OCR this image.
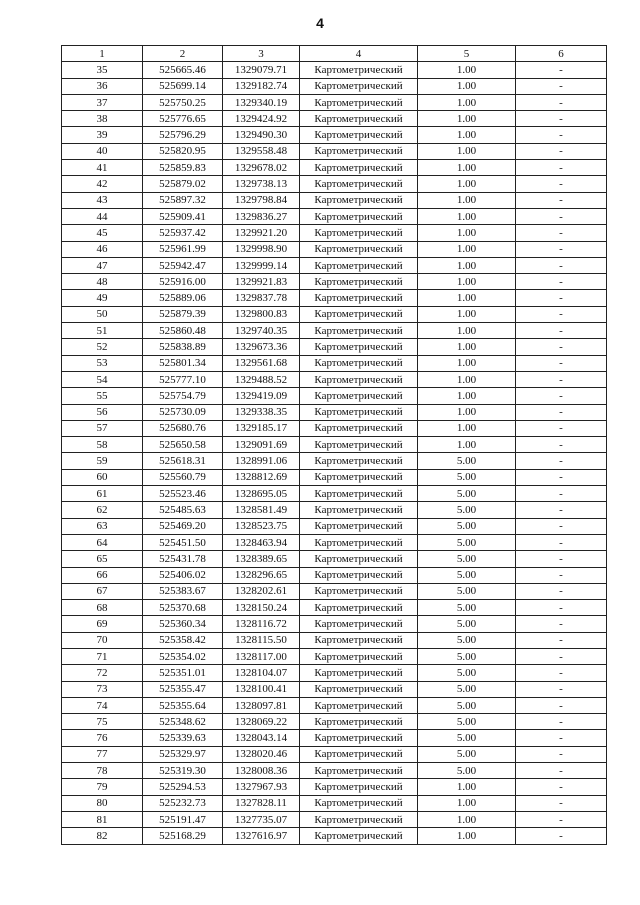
4
1	2	3	4	5	6
35	525665.46	1329079.71	Картометрический	1.00	-
36	525699.14	1329182.74	Картометрический	1.00	-
37	525750.25	1329340.19	Картометрический	1.00	-
38	525776.65	1329424.92	Картометрический	1.00	-
39	525796.29	1329490.30	Картометрический	1.00	-
40	525820.95	1329558.48	Картометрический	1.00	-
41	525859.83	1329678.02	Картометрический	1.00	-
42	525879.02	1329738.13	Картометрический	1.00	-
43	525897.32	1329798.84	Картометрический	1.00	-
44	525909.41	1329836.27	Картометрический	1.00	-
45	525937.42	1329921.20	Картометрический	1.00	-
46	525961.99	1329998.90	Картометрический	1.00	-
47	525942.47	1329999.14	Картометрический	1.00	-
48	525916.00	1329921.83	Картометрический	1.00	-
49	525889.06	1329837.78	Картометрический	1.00	-
50	525879.39	1329800.83	Картометрический	1.00	-
51	525860.48	1329740.35	Картометрический	1.00	-
52	525838.89	1329673.36	Картометрический	1.00	-
53	525801.34	1329561.68	Картометрический	1.00	-
54	525777.10	1329488.52	Картометрический	1.00	-
55	525754.79	1329419.09	Картометрический	1.00	-
56	525730.09	1329338.35	Картометрический	1.00	-
57	525680.76	1329185.17	Картометрический	1.00	-
58	525650.58	1329091.69	Картометрический	1.00	-
59	525618.31	1328991.06	Картометрический	5.00	-
60	525560.79	1328812.69	Картометрический	5.00	-
61	525523.46	1328695.05	Картометрический	5.00	-
62	525485.63	1328581.49	Картометрический	5.00	-
63	525469.20	1328523.75	Картометрический	5.00	-
64	525451.50	1328463.94	Картометрический	5.00	-
65	525431.78	1328389.65	Картометрический	5.00	-
66	525406.02	1328296.65	Картометрический	5.00	-
67	525383.67	1328202.61	Картометрический	5.00	-
68	525370.68	1328150.24	Картометрический	5.00	-
69	525360.34	1328116.72	Картометрический	5.00	-
70	525358.42	1328115.50	Картометрический	5.00	-
71	525354.02	1328117.00	Картометрический	5.00	-
72	525351.01	1328104.07	Картометрический	5.00	-
73	525355.47	1328100.41	Картометрический	5.00	-
74	525355.64	1328097.81	Картометрический	5.00	-
75	525348.62	1328069.22	Картометрический	5.00	-
76	525339.63	1328043.14	Картометрический	5.00	-
77	525329.97	1328020.46	Картометрический	5.00	-
78	525319.30	1328008.36	Картометрический	5.00	-
79	525294.53	1327967.93	Картометрический	1.00	-
80	525232.73	1327828.11	Картометрический	1.00	-
81	525191.47	1327735.07	Картометрический	1.00	-
82	525168.29	1327616.97	Картометрический	1.00	-
